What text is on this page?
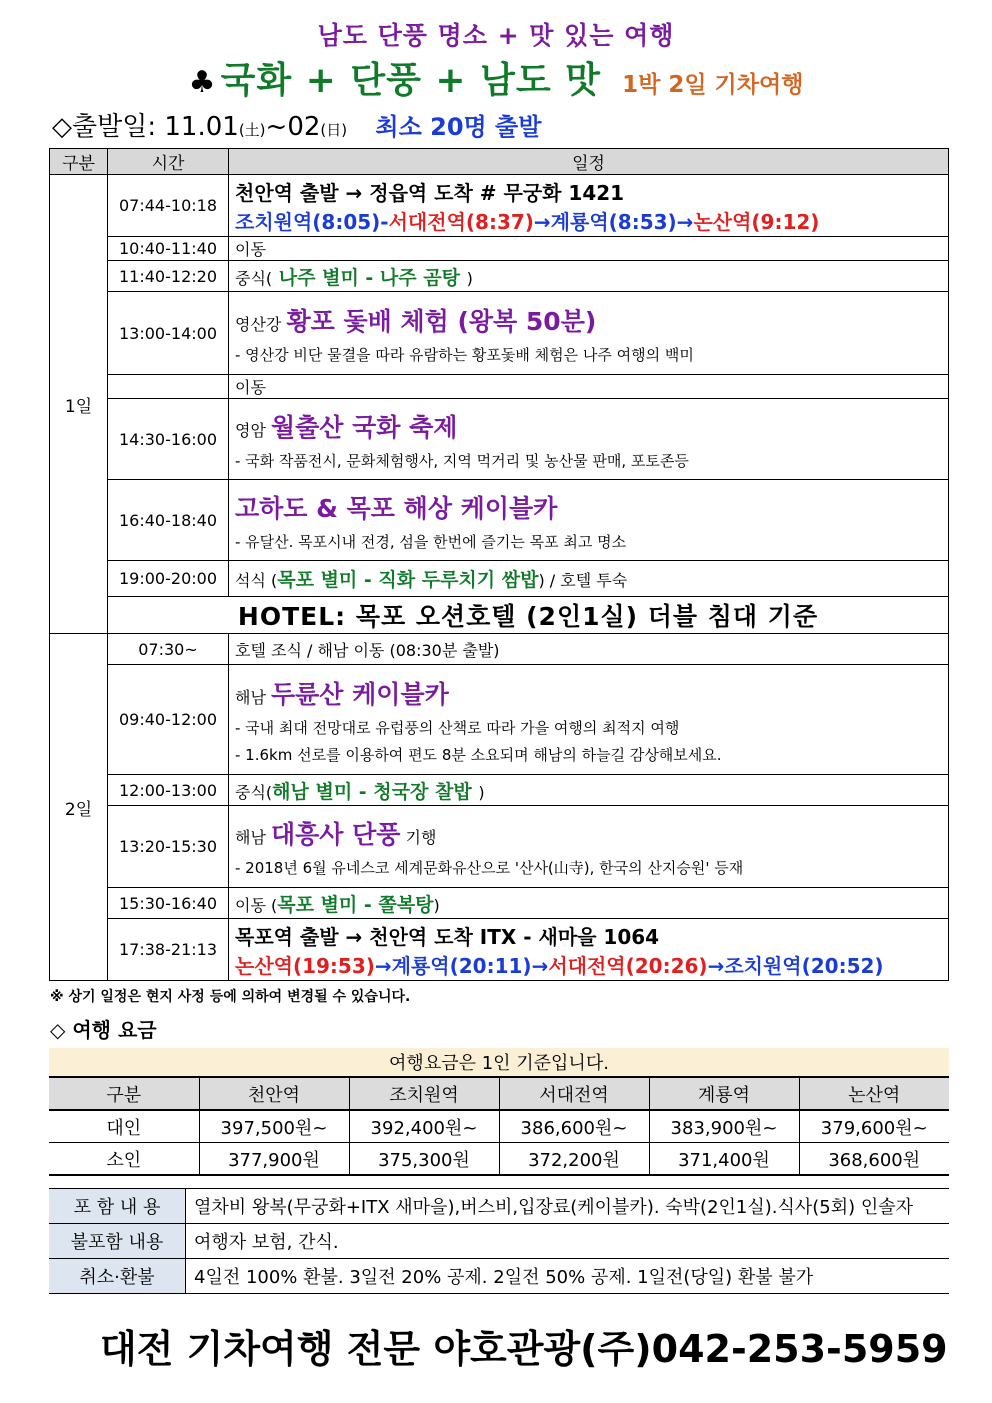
남도 단풍 명소 + 맛 있는 여행
♣ 국화 + 단풍 + 남도 맛 1박 2일 기차여행
◇출발일: 11.01(土)~02(日) 최소 20명 출발
구분	시간	일정
1일	07:44-10:18	천안역 출발 → 정읍역 도착 # 무궁화 1421
조치원역(8:05)-서대전역(8:37)→계룡역(8:53)→논산역(9:12)

	10:40-11:40	이동
	11:40-12:20	중식( 나주 별미 - 나주 곰탕 )
	13:00-14:00	영산강 황포 돛배 체험 (왕복 50분)
- 영산강 비단 물결을 따라 유람하는 황포돛배 체험은 나주 여행의 백미

		이동
	14:30-16:00	영암 월출산 국화 축제
- 국화 작품전시, 문화체험행사, 지역 먹거리 및 농산물 판매, 포토존등

	16:40-18:40	고하도 & 목포 해상 케이블카
- 유달산. 목포시내 전경, 섬을 한번에 즐기는 목포 최고 명소

	19:00-20:00	석식 (목포 별미 - 직화 두루치기 쌈밥) / 호텔 투숙
	HOTEL: 목포 오션호텔 (2인1실) 더블 침대 기준	
2일	07:30~	호텔 조식 / 해남 이동 (08:30분 출발)
	09:40-12:00	해남 두륜산 케이블카
- 국내 최대 전망대로 유럽풍의 산책로 따라 가을 여행의 최적지 여행
- 1.6km 선로를 이용하여 편도 8분 소요되며 해남의 하늘길 감상해보세요.

	12:00-13:00	중식(해남 별미 - 청국장 찰밥 )
	13:20-15:30	해남 대흥사 단풍 기행
- 2018년 6월 유네스코 세계문화유산으로 '산사(山寺), 한국의 산지승원' 등재

	15:30-16:40	이동 (목포 별미 - 쫄복탕)
	17:38-21:13	목포역 출발 → 천안역 도착 ITX - 새마을 1064
논산역(19:53)→계룡역(20:11)→서대전역(20:26)→조치원역(20:52)
※ 상기 일정은 현지 사정 등에 의하여 변경될 수 있습니다.
◇ 여행 요금
여행요금은 1인 기준입니다.					
구분	천안역	조치원역	서대전역	계룡역	논산역
대인	397,500원~	392,400원~	386,600원~	383,900원~	379,600원~
소인	377,900원	375,300원	372,200원	371,400원	368,600원
포 함 내 용	열차비 왕복(무궁화+ITX 새마을),버스비,입장료(케이블카). 숙박(2인1실).식사(5회) 인솔자
불포함 내용	여행자 보험, 간식.
취소·환불	4일전 100% 환불. 3일전 20% 공제. 2일전 50% 공제. 1일전(당일) 환불 불가
대전 기차여행 전문 야호관광(주)042-253-5959
